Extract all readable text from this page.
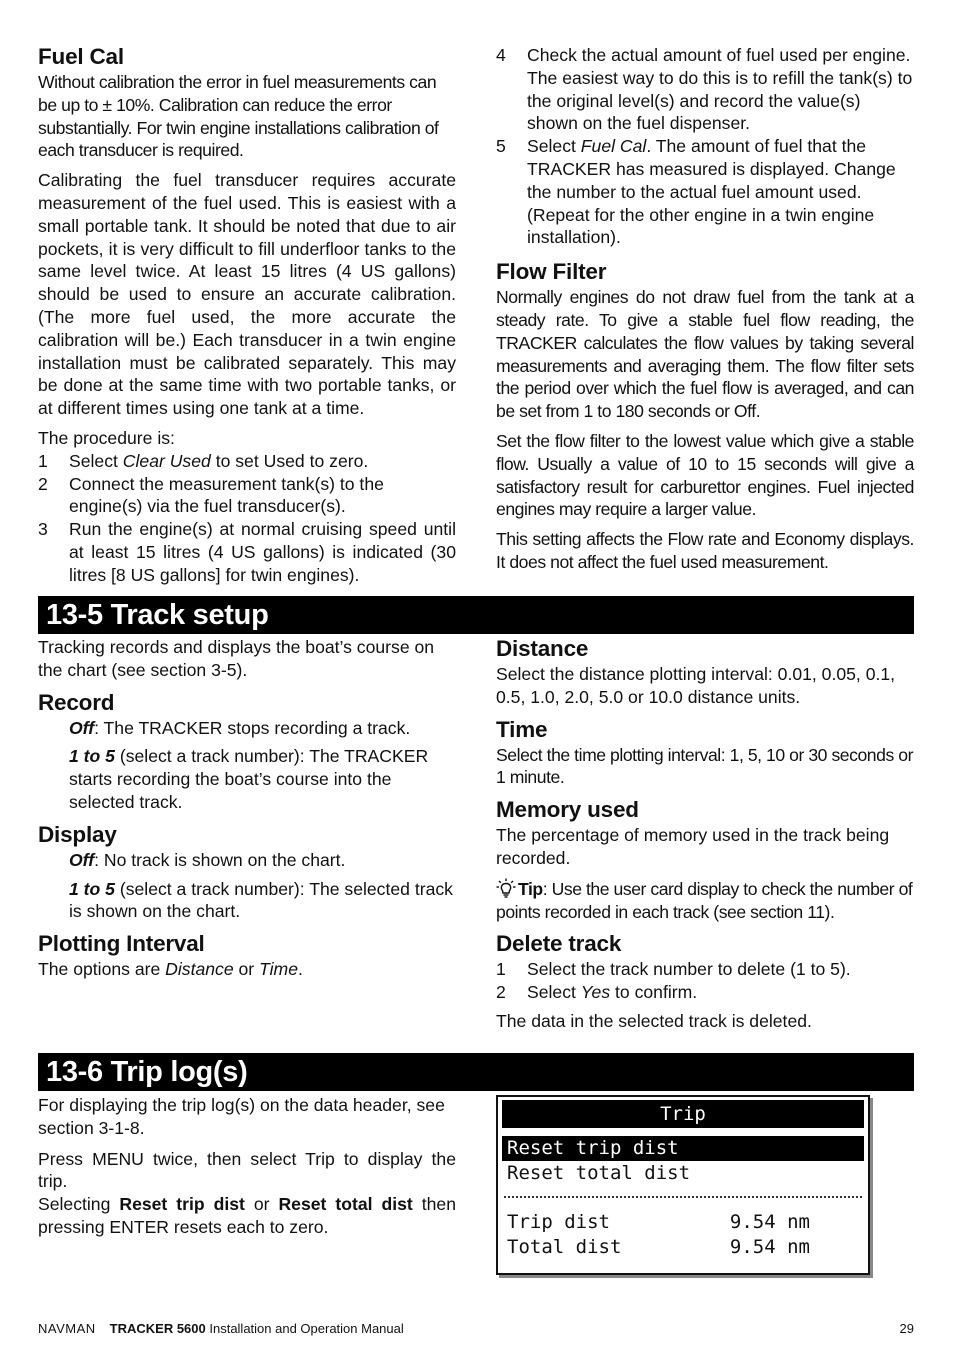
Fuel Cal

Without calibration the error in fuel measurements can be up to ± 10%. Calibration can reduce the error substantially. For twin engine installations calibration of each transducer is required.

Calibrating the fuel transducer requires accurate measurement of the fuel used. This is easiest with a small portable tank. It should be noted that due to air pockets, it is very difficult to fill underfloor tanks to the same level twice. At least 15 litres (4 US gallons) should be used to ensure an accurate calibration. (The more fuel used, the more accurate the calibration will be.) Each transducer in a twin engine installation must be calibrated separately. This may be done at the same time with two portable tanks, or at different times using one tank at a time.

The procedure is:

1	Select Clear Used to set Used to zero.
2	Connect the measurement tank(s) to the engine(s) via the fuel transducer(s).
3	Run the engine(s) at normal cruising speed until at least 15 litres (4 US gallons) is indicated (30 litres [8 US gallons] for twin engines).
4	Check the actual amount of fuel used per engine. The easiest way to do this is to refill the tank(s) to the original level(s) and record the value(s) shown on the fuel dispenser.
5	Select Fuel Cal. The amount of fuel that the TRACKER has measured is displayed. Change the number to the actual fuel amount used. (Repeat for the other engine in a twin engine installation).
Flow Filter

Normally engines do not draw fuel from the tank at a steady rate. To give a stable fuel flow reading, the TRACKER calculates the flow values by taking several measurements and averaging them. The flow filter sets the period over which the fuel flow is averaged, and can be set from 1 to 180 seconds or Off.

Set the flow filter to the lowest value which give a stable flow. Usually a value of 10 to 15 seconds will give a satisfactory result for carburettor engines. Fuel injected engines may require a larger value.

This setting affects the Flow rate and Economy displays. It does not affect the fuel used measurement.

13-5 Track setup

Tracking records and displays the boat’s course on the chart (see section 3-5).

Record

Off: The TRACKER stops recording a track.

1 to 5 (select a track number): The TRACKER starts recording the boat’s course into the selected track.

Display

Off: No track is shown on the chart.

1 to 5 (select a track number): The selected track is shown on the chart.

Plotting Interval

The options are Distance or Time.

Distance

Select the distance plotting interval: 0.01, 0.05, 0.1, 0.5, 1.0, 2.0, 5.0 or 10.0 distance units.

Time

Select the time plotting interval: 1, 5, 10 or 30 seconds or 1 minute.

Memory used

The percentage of memory used in the track being recorded.

Tip: Use the user card display to check the number of points recorded in each track (see section 11).

Delete track
1	Select the track number to delete (1 to 5).
2	Select Yes to confirm.

The data in the selected track is deleted.

13-6 Trip log(s)

For displaying the trip log(s) on the data header, see section 3-1-8.

Press MENU twice, then select Trip to display the trip.

Selecting Reset trip dist or Reset total dist then pressing ENTER resets each to zero.

Trip
Reset trip dist
Reset total dist
Trip dist	9.54 nm
Total dist	9.54 nm
NAVMAN TRACKER 5600 Installation and Operation Manual	29
